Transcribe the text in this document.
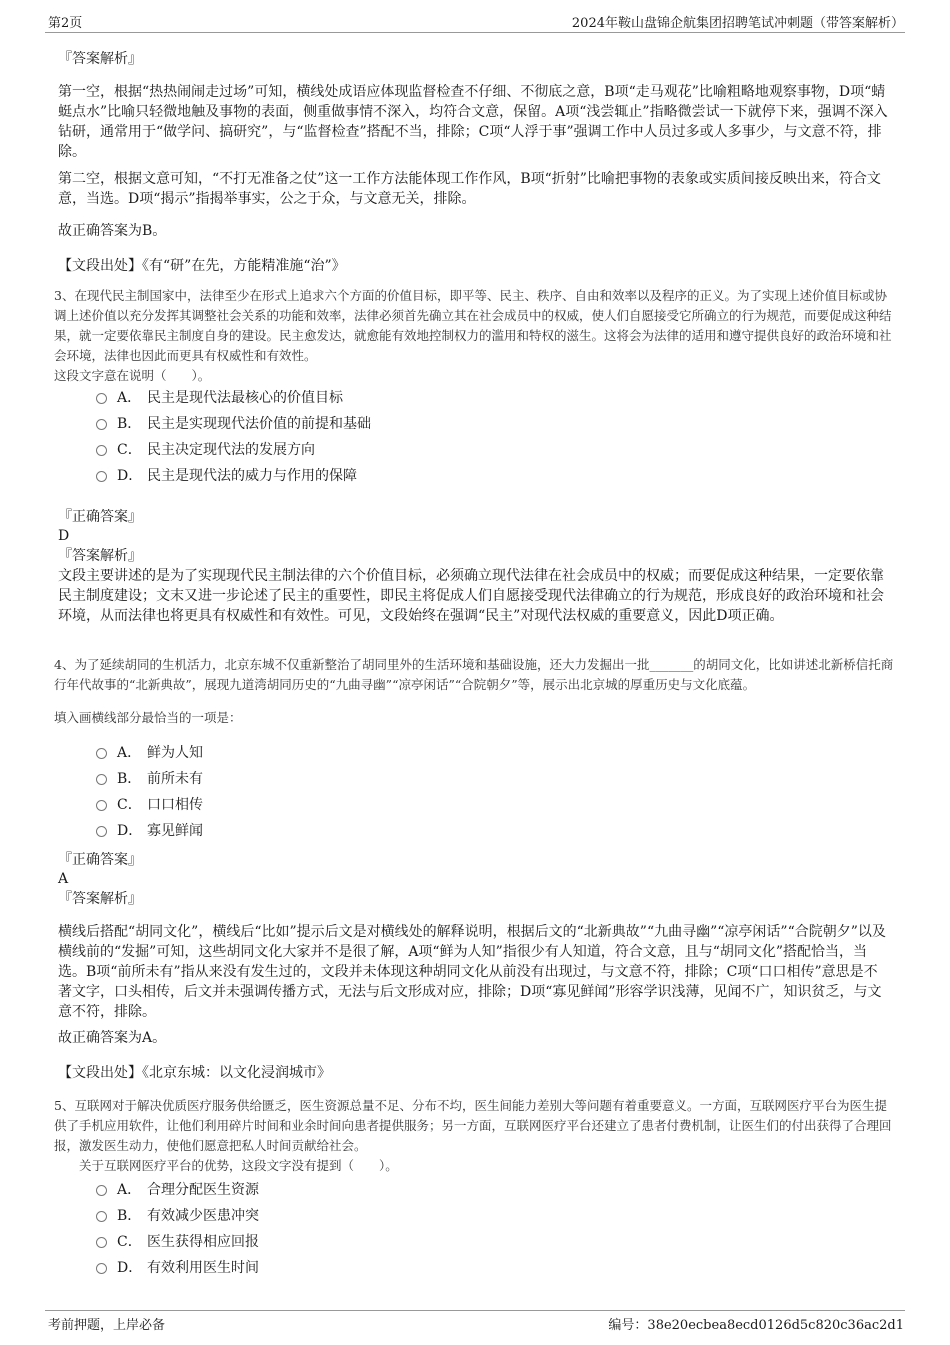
第2页	2024年鞍山盘锦企航集团招聘笔试冲刺题（带答案解析）
『答案解析』
第一空，根据“热热闹闹走过场”可知，横线处成语应体现监督检查不仔细、不彻底之意，B项“走马观花”比喻粗略地观察事物，D项“蜻蜓点水”比喻只轻微地触及事物的表面，侧重做事情不深入，均符合文意，保留。A项“浅尝辄止”指略微尝试一下就停下来，强调不深入钻研，通常用于“做学问、搞研究”，与“监督检查”搭配不当，排除；C项“人浮于事”强调工作中人员过多或人多事少，与文意不符，排除。
第二空，根据文意可知，“不打无准备之仗”这一工作方法能体现工作作风，B项“折射”比喻把事物的表象或实质间接反映出来，符合文意，当选。D项“揭示”指揭举事实，公之于众，与文意无关，排除。
故正确答案为B。
【文段出处】《有“研”在先，方能精准施“治”》
3、在现代民主制国家中，法律至少在形式上追求六个方面的价值目标，即平等、民主、秩序、自由和效率以及程序的正义。为了实现上述价值目标或协调上述价值以充分发挥其调整社会关系的功能和效率，法律必须首先确立其在社会成员中的权威，使人们自愿接受它所确立的行为规范，而要促成这种结果，就一定要依靠民主制度自身的建设。民主愈发达，就愈能有效地控制权力的滥用和特权的滋生。这将会为法律的适用和遵守提供良好的政治环境和社会环境，法律也因此而更具有权威性和有效性。
这段文字意在说明（　　）。
A． 民主是现代法最核心的价值目标
B． 民主是实现现代法价值的前提和基础
C． 民主决定现代法的发展方向
D． 民主是现代法的威力与作用的保障
『正确答案』
D
『答案解析』
文段主要讲述的是为了实现现代民主制法律的六个价值目标，必须确立现代法律在社会成员中的权威；而要促成这种结果，一定要依靠民主制度建设；文末又进一步论述了民主的重要性，即民主将促成人们自愿接受现代法律确立的行为规范，形成良好的政治环境和社会环境，从而法律也将更具有权威性和有效性。可见，文段始终在强调“民主”对现代法权威的重要意义，因此D项正确。
4、为了延续胡同的生机活力，北京东城不仅重新整治了胡同里外的生活环境和基础设施，还大力发掘出一批_______的胡同文化，比如讲述北新桥信托商行年代故事的“北新典故”，展现九道湾胡同历史的“九曲寻幽”“凉亭闲话”“合院朝夕”等，展示出北京城的厚重历史与文化底蕴。
填入画横线部分最恰当的一项是：
A． 鲜为人知
B． 前所未有
C． 口口相传
D． 寡见鲜闻
『正确答案』
A
『答案解析』
横线后搭配“胡同文化”，横线后“比如”提示后文是对横线处的解释说明，根据后文的“北新典故”“九曲寻幽”“凉亭闲话”“合院朝夕”以及横线前的“发掘”可知，这些胡同文化大家并不是很了解，A项“鲜为人知”指很少有人知道，符合文意，且与“胡同文化”搭配恰当，当选。B项“前所未有”指从来没有发生过的，文段并未体现这种胡同文化从前没有出现过，与文意不符，排除；C项“口口相传”意思是不著文字，口头相传，后文并未强调传播方式，无法与后文形成对应，排除；D项“寡见鲜闻”形容学识浅薄，见闻不广，知识贫乏，与文意不符，排除。
故正确答案为A。
【文段出处】《北京东城：以文化浸润城市》
5、互联网对于解决优质医疗服务供给匮乏，医生资源总量不足、分布不均，医生间能力差别大等问题有着重要意义。一方面，互联网医疗平台为医生提供了手机应用软件，让他们利用碎片时间和业余时间向患者提供服务；另一方面，互联网医疗平台还建立了患者付费机制，让医生们的付出获得了合理回报，激发医生动力，使他们愿意把私人时间贡献给社会。
　　关于互联网医疗平台的优势，这段文字没有提到（　　）。
A． 合理分配医生资源
B． 有效减少医患冲突
C． 医生获得相应回报
D． 有效利用医生时间
考前押题，上岸必备	编号：38e20ecbea8ecd0126d5c820c36ac2d1
